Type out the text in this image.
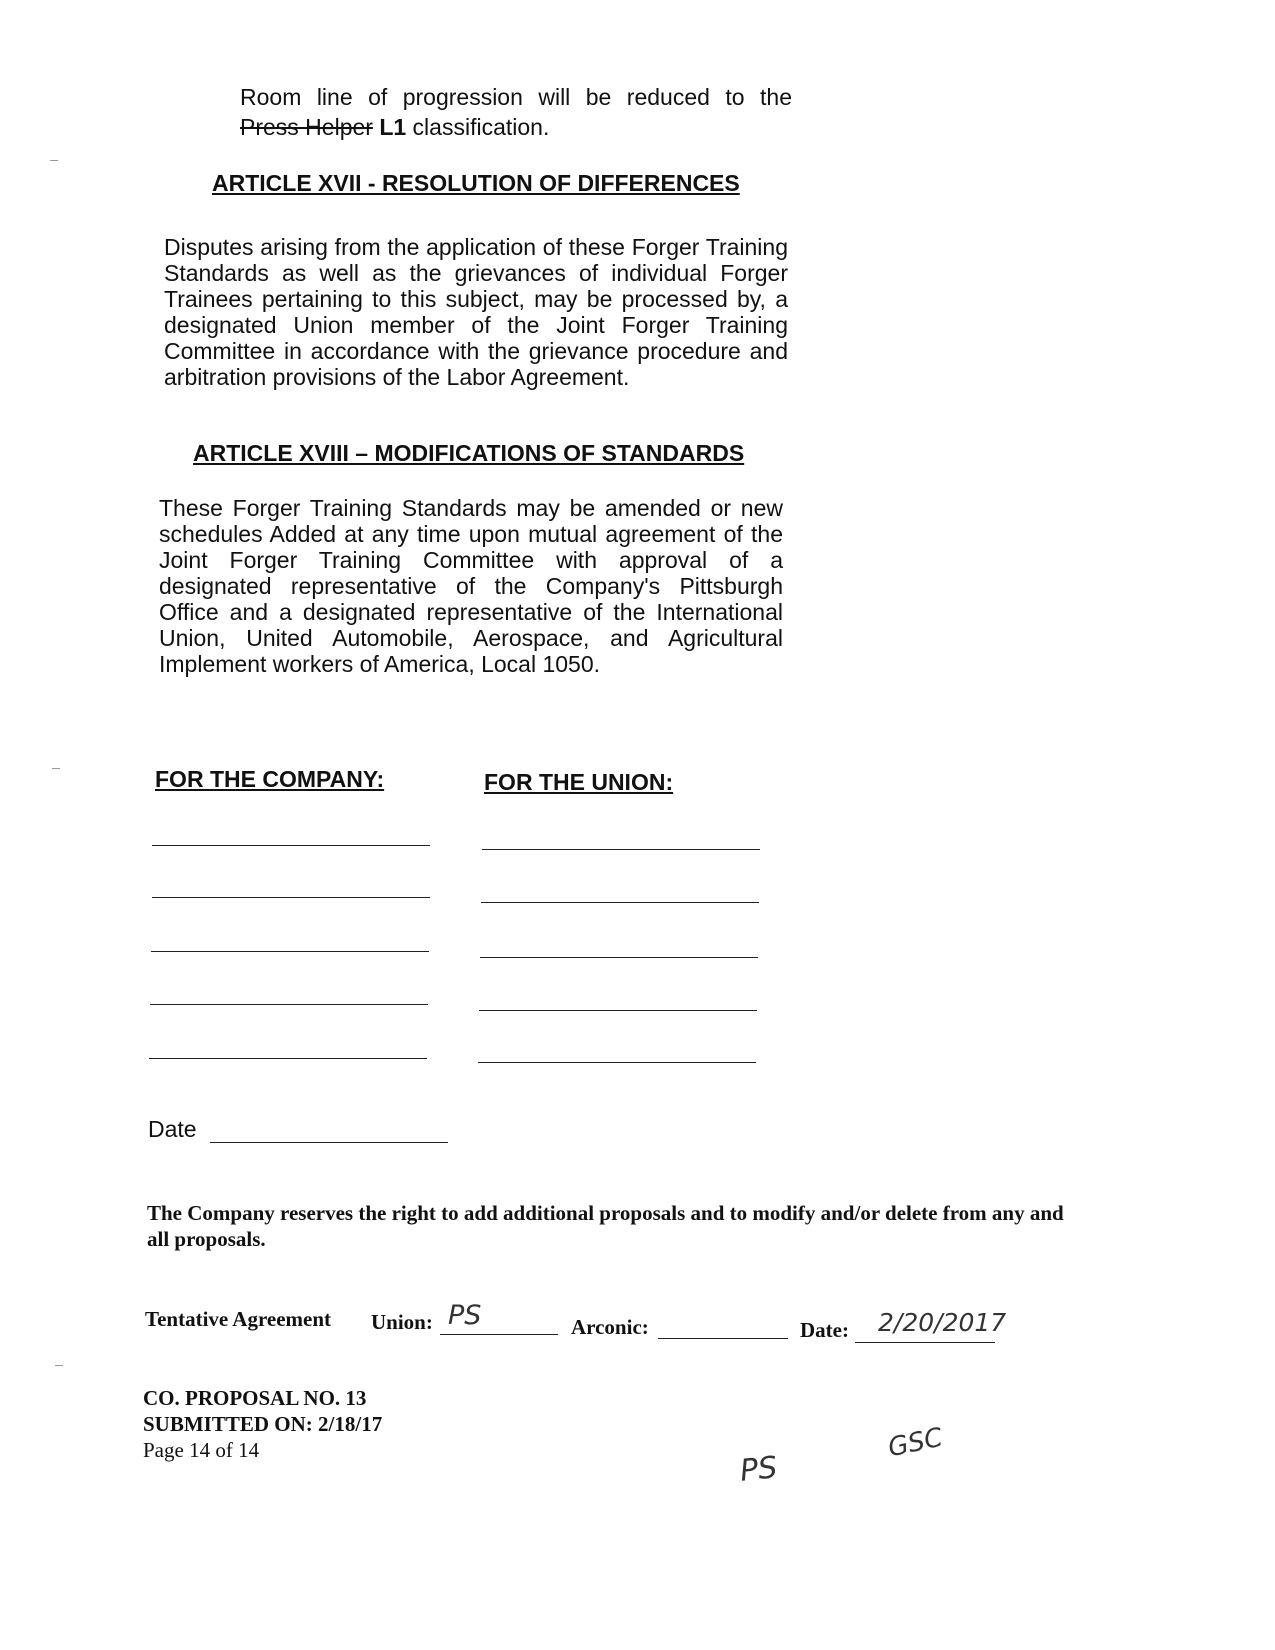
Room line of progression will be reduced to the
Press Helper L1 classification.
ARTICLE XVII - RESOLUTION OF DIFFERENCES
Disputes arising from the application of these Forger Training Standards as well as the grievances of individual Forger Trainees pertaining to this subject, may be processed by, a designated Union member of the Joint Forger Training Committee in accordance with the grievance procedure and arbitration provisions of the Labor Agreement.
ARTICLE XVIII – MODIFICATIONS OF STANDARDS
These Forger Training Standards may be amended or new schedules Added at any time upon mutual agreement of the Joint Forger Training Committee with approval of a designated representative of the Company's Pittsburgh Office and a designated representative of the International Union, United Automobile, Aerospace, and Agricultural Implement workers of America, Local 1050.
FOR THE COMPANY:	FOR THE UNION:
Date
The Company reserves the right to add additional proposals and to modify and/or delete from any and all proposals.
Tentative Agreement Union: PS	Arconic:	Date: 2/20/2017
CO. PROPOSAL NO. 13
SUBMITTED ON: 2/18/17
Page 14 of 14
PS
GSC
